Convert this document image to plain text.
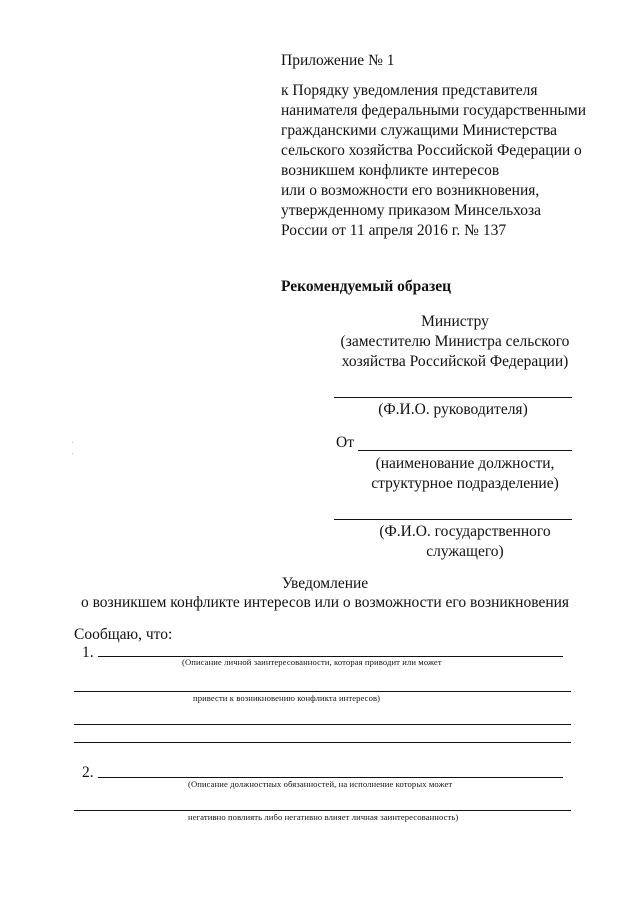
Приложение № 1
к Порядку уведомления представителя
нанимателя федеральными государственными
гражданскими служащими Министерства
сельского хозяйства Российской Федерации о
возникшем конфликте интересов
или о возможности его возникновения,
утвержденному приказом Минсельхоза
России от 11 апреля 2016 г. № 137
Рекомендуемый образец
Министру
(заместителю Министра сельского
хозяйства Российской Федерации)
(Ф.И.О. руководителя)
От
(наименование должности,
структурное подразделение)
(Ф.И.О. государственного
служащего)
Уведомление
о возникшем конфликте интересов или о возможности его возникновения
Сообщаю, что:
1.
(Описание личной заинтересованности, которая приводит или может
привести к возникновению конфликта интересов)
2.
(Описание должностных обязанностей, на исполнение которых может
негативно повлиять либо негативно влияет личная заинтересованность)
